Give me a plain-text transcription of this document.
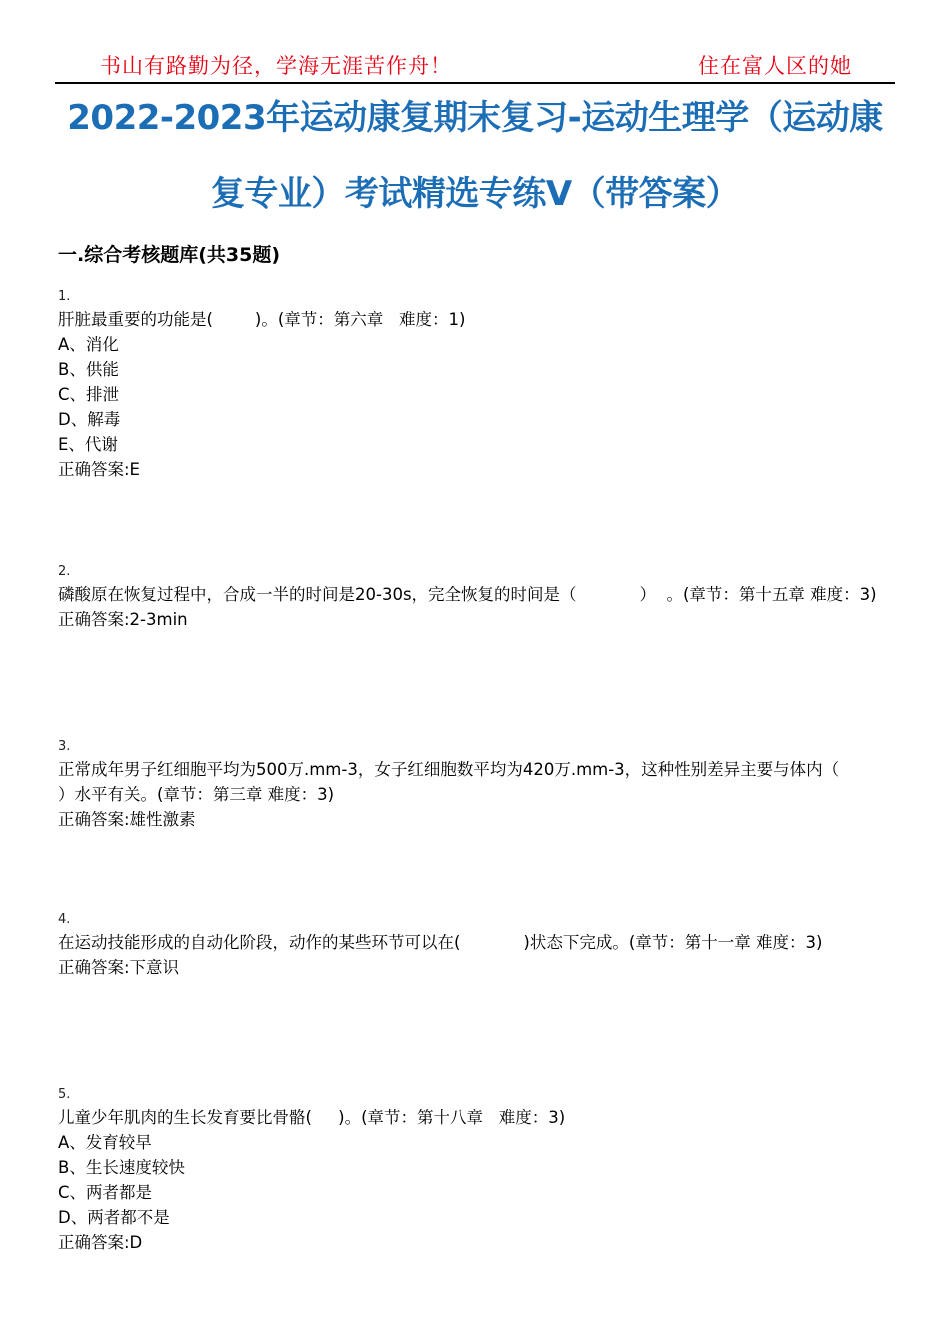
书山有路勤为径，学海无涯苦作舟！	住在富人区的她
2022-2023年运动康复期末复习-运动生理学（运动康复专业）考试精选专练V（带答案）
一.综合考核题库(共35题)
1.
肝脏最重要的功能是(        )。(章节：第六章   难度：1)
A、消化
B、供能
C、排泄
D、解毒
E、代谢
正确答案:E
2.
磷酸原在恢复过程中，合成一半的时间是20-30s，完全恢复的时间是（            ）  。(章节：第十五章 难度：3)
正确答案:2-3min
3.
正常成年男子红细胞平均为500万.mm-3，女子红细胞数平均为420万.mm-3，这种性别差异主要与体内（            ）水平有关。(章节：第三章 难度：3)
正确答案:雄性激素
4.
在运动技能形成的自动化阶段，动作的某些环节可以在(            )状态下完成。(章节：第十一章 难度：3)
正确答案:下意识
5.
儿童少年肌肉的生长发育要比骨骼(     )。(章节：第十八章   难度：3)
A、发育较早
B、生长速度较快
C、两者都是
D、两者都不是
正确答案:D
